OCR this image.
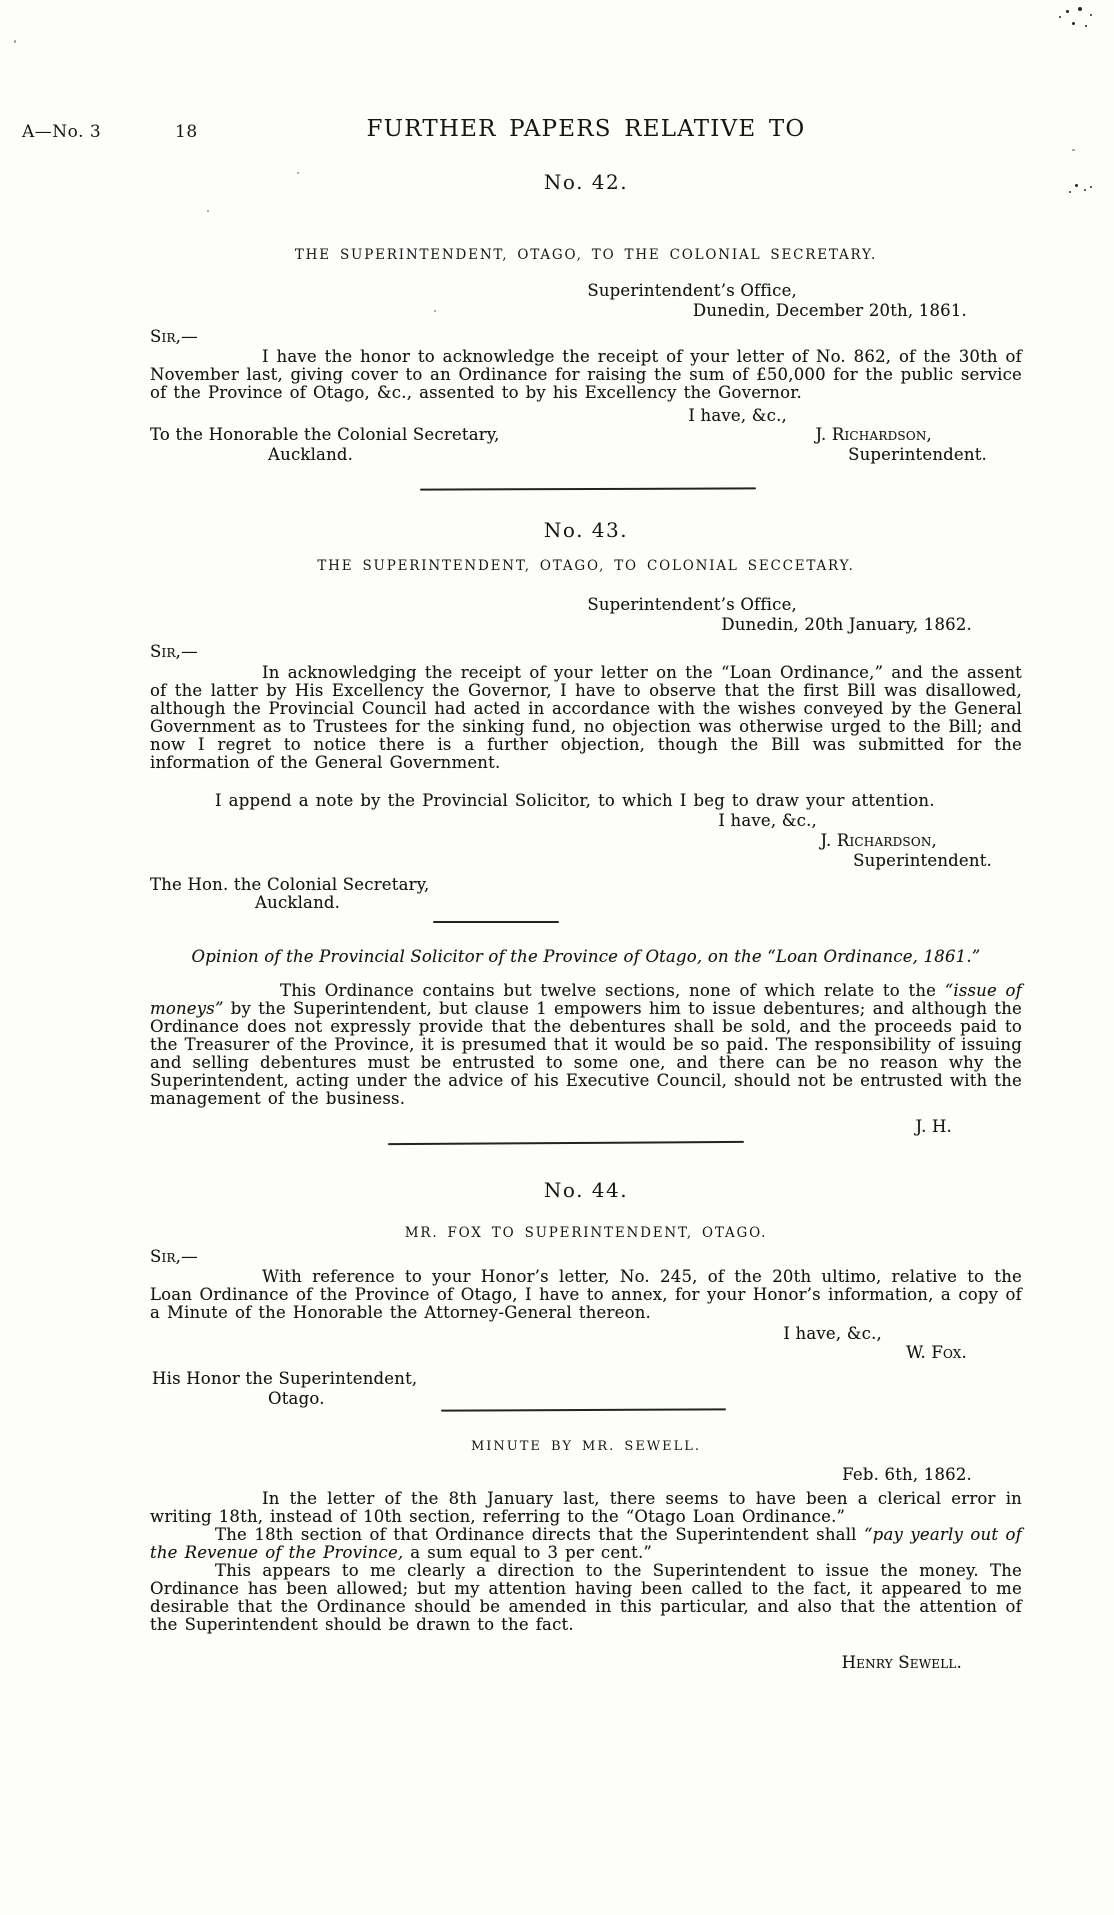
A—No. 3	18	FURTHER PAPERS RELATIVE TO
No. 42.
THE SUPERINTENDENT, OTAGO, TO THE COLONIAL SECRETARY.
Superintendent’s Office,
Dunedin, December 20th, 1861.
Sir,—
I have the honor to acknowledge the receipt of your letter of No. 862, of the 30th of November last, giving cover to an Ordinance for raising the sum of £50,000 for the public service of the Province of Otago, &c., assented to by his Excellency the Governor.
I have, &c.,
To the Honorable the Colonial Secretary,	J. Richardson,
Auckland.	Superintendent.
No. 43.
THE SUPERINTENDENT, OTAGO, TO COLONIAL SECCETARY.
Superintendent’s Office,
Dunedin, 20th January, 1862.
Sir,—
In acknowledging the receipt of your letter on the “Loan Ordinance,” and the assent of the latter by His Excellency the Governor, I have to observe that the first Bill was disallowed, although the Provincial Council had acted in accordance with the wishes conveyed by the General Government as to Trustees for the sinking fund, no objection was otherwise urged to the Bill; and now I regret to notice there is a further objection, though the Bill was submitted for the information of the General Government.
I append a note by the Provincial Solicitor, to which I beg to draw your attention.
I have, &c.,
J. Richardson,
Superintendent.
The Hon. the Colonial Secretary,
Auckland.
Opinion of the Provincial Solicitor of the Province of Otago, on the “Loan Ordinance, 1861.”
This Ordinance contains but twelve sections, none of which relate to the “issue of moneys” by the Superintendent, but clause 1 empowers him to issue debentures; and although the Ordinance does not expressly provide that the debentures shall be sold, and the proceeds paid to the Treasurer of the Province, it is presumed that it would be so paid. The responsibility of issuing and selling debentures must be entrusted to some one, and there can be no reason why the Superintendent, acting under the advice of his Executive Council, should not be entrusted with the management of the business.
J. H.
No. 44.
MR. FOX TO SUPERINTENDENT, OTAGO.
Sir,—
With reference to your Honor’s letter, No. 245, of the 20th ultimo, relative to the Loan Ordinance of the Province of Otago, I have to annex, for your Honor’s information, a copy of a Minute of the Honorable the Attorney-General thereon.
I have, &c.,
W. Fox.
His Honor the Superintendent,
Otago.
MINUTE BY MR. SEWELL.
Feb. 6th, 1862.
In the letter of the 8th January last, there seems to have been a clerical error in writing 18th, instead of 10th section, referring to the “Otago Loan Ordinance.”
The 18th section of that Ordinance directs that the Superintendent shall “pay yearly out of the Revenue of the Province, a sum equal to 3 per cent.”
This appears to me clearly a direction to the Superintendent to issue the money. The Ordinance has been allowed; but my attention having been called to the fact, it appeared to me desirable that the Ordinance should be amended in this particular, and also that the attention of the Superintendent should be drawn to the fact.
Henry Sewell.
